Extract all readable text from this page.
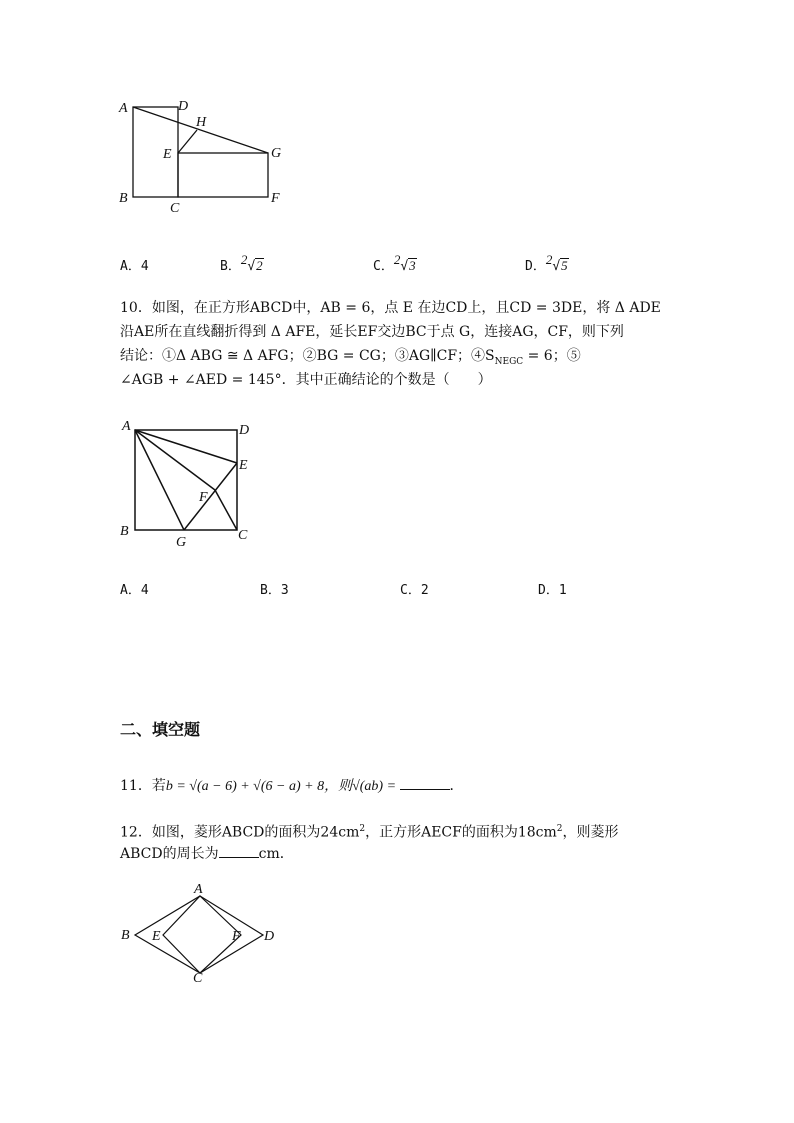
A	D
H
E	G
B
C
F
A．4	B．2√2	C．2√3	D．2√5
10．如图，在正方形ABCD中，AB = 6，点 E 在边CD上，且CD = 3DE，将 Δ ADE
沿AE所在直线翻折得到 Δ AFE，延长EF交边BC于点 G，连接AG，CF，则下列
结论：①Δ ABG ≅ Δ AFG；②BG = CG；③AG∥CF；$④S_{NEGC} = 6$；⑤
∠AGB + ∠AED = 145°．其中正确结论的个数是（　　）
A	D
E
F
B
G	C
A．4	B．3	C．2	D．1
二、填空题
11．若b = √(a − 6) + √(6 − a) + 8，则√(ab) =	．
12．如图，菱形ABCD的面积为$24cm^2$，正方形AECF的面积为$18cm^2$，则菱形
ABCD的周长为	cm．
A
B E	F D
C
